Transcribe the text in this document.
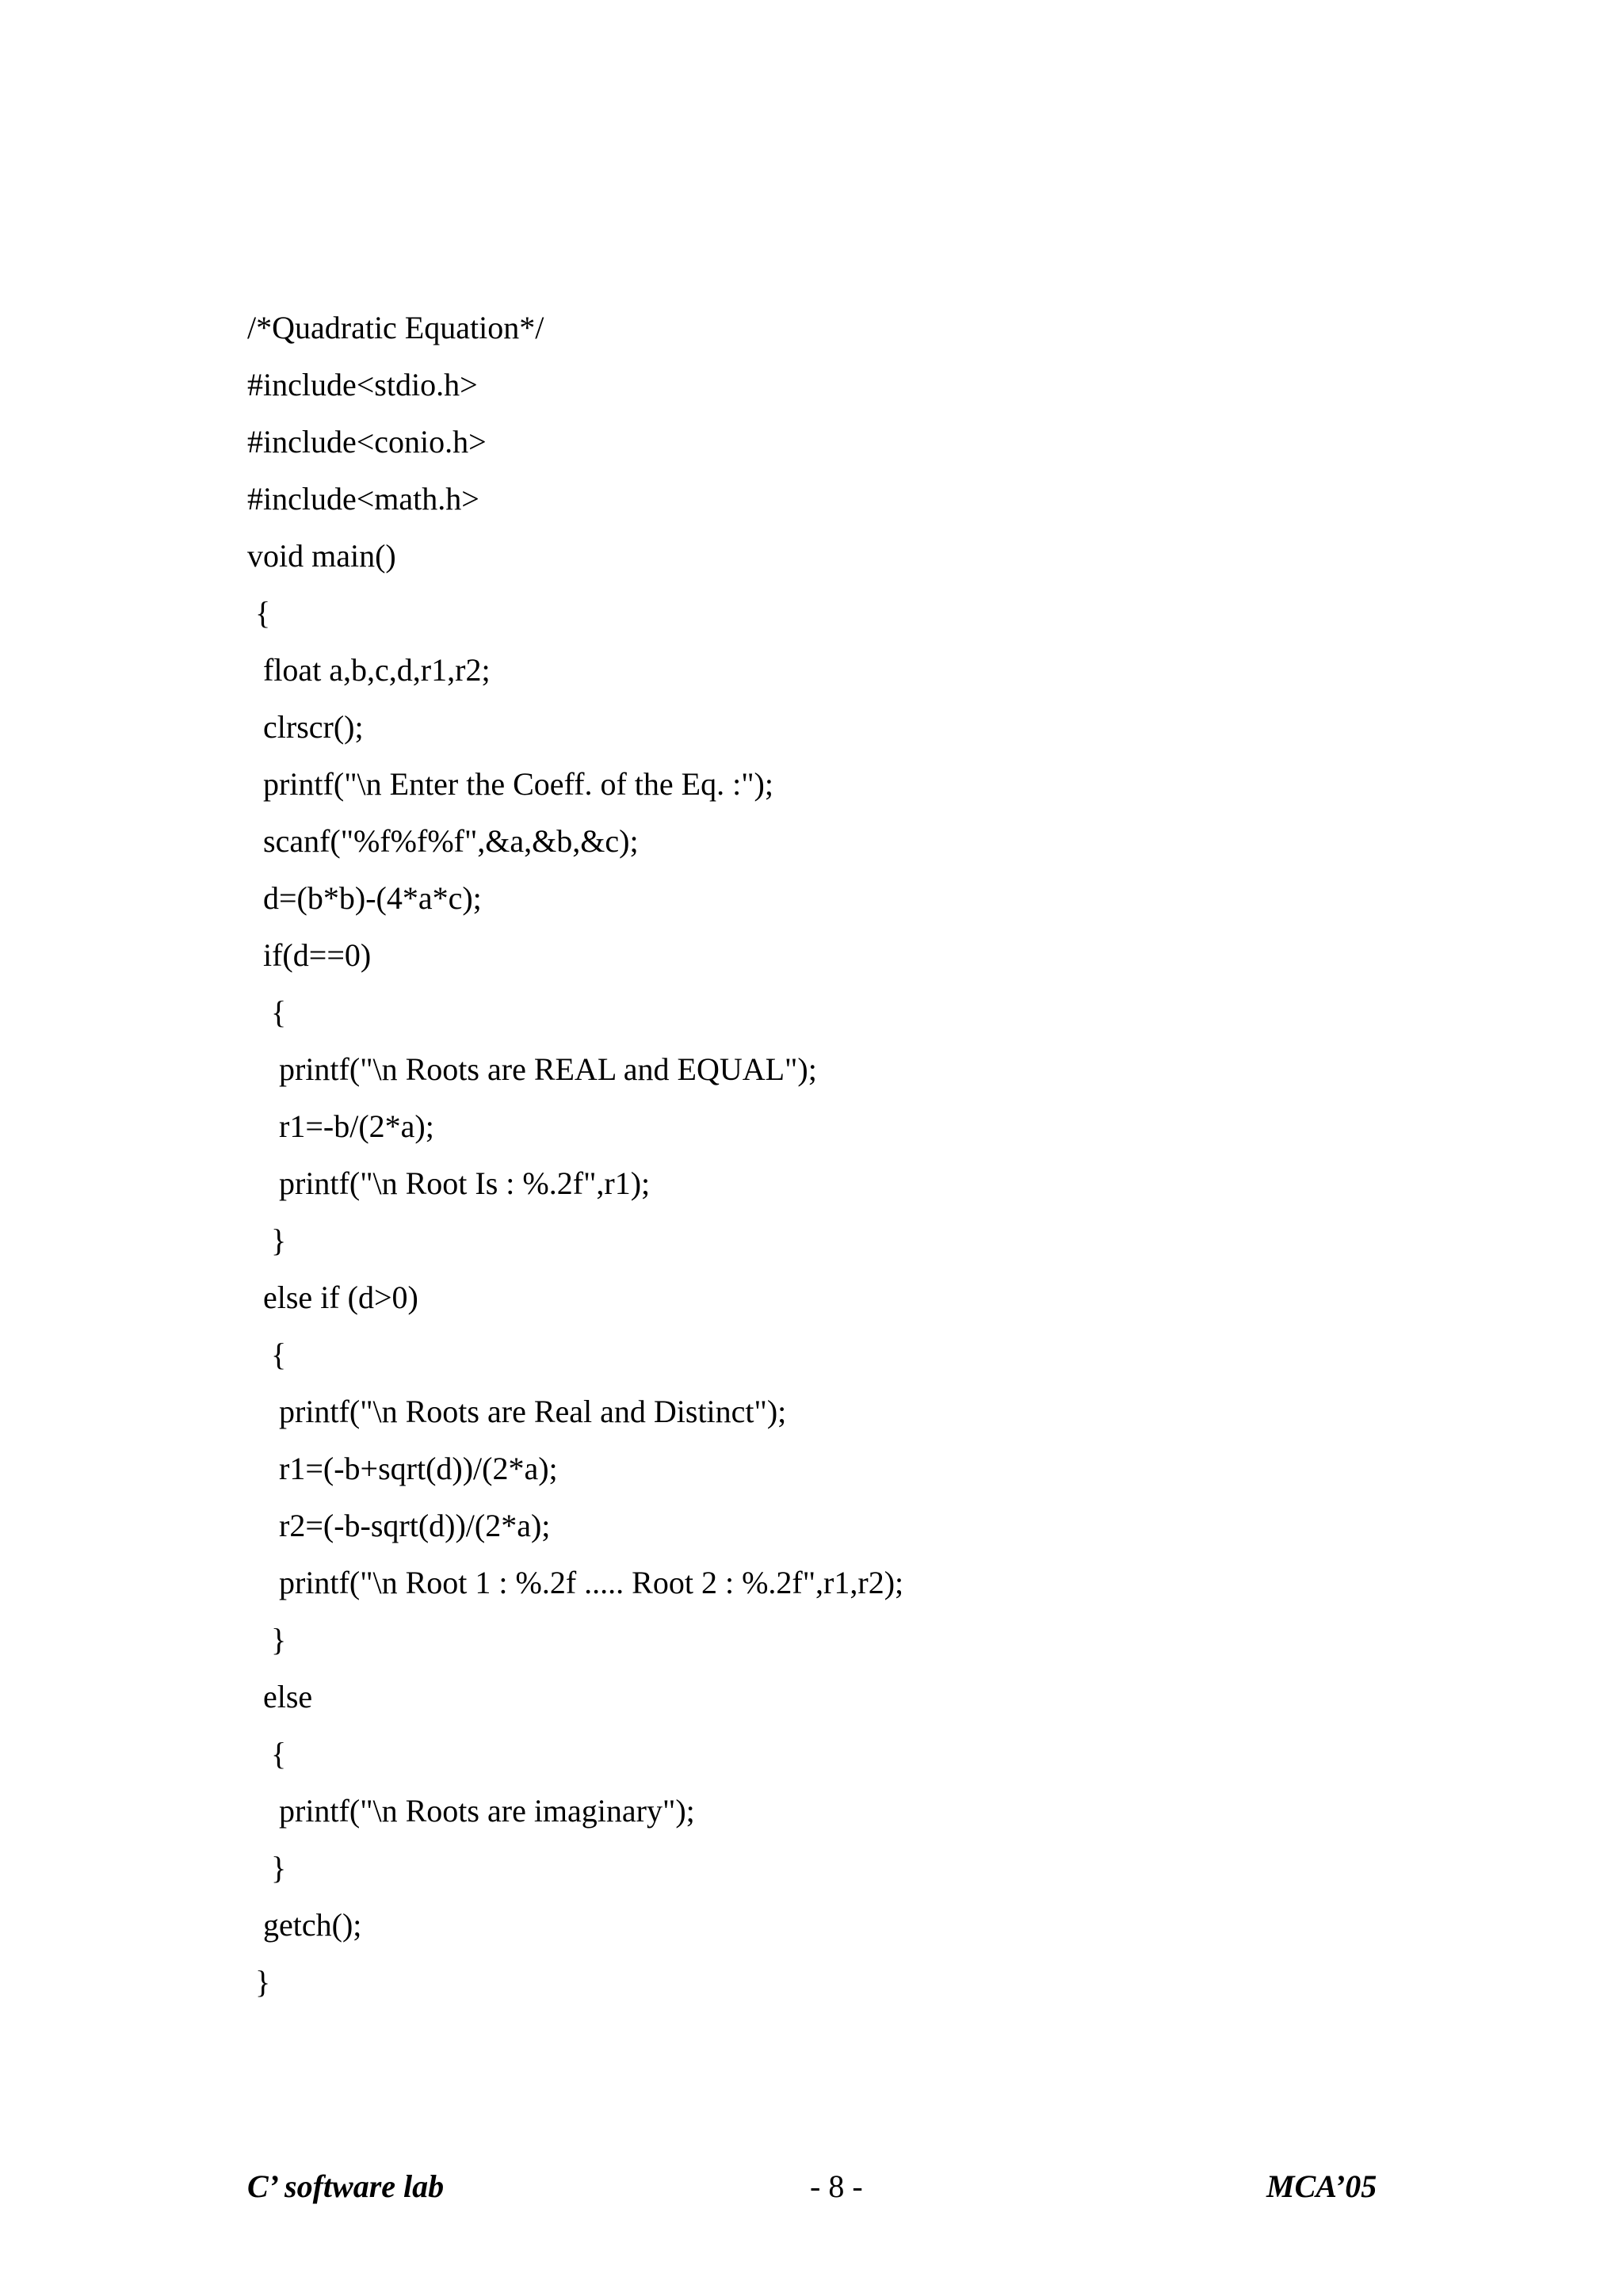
/*Quadratic Equation*/
#include<stdio.h>
#include<conio.h>
#include<math.h>
void main()
{
float a,b,c,d,r1,r2;
clrscr();
printf("\n Enter the Coeff. of the Eq. :");
scanf("%f%f%f",&a,&b,&c);
d=(b*b)-(4*a*c);
if(d==0)
{
printf("\n Roots are REAL and EQUAL");
r1=-b/(2*a);
printf("\n Root Is : %.2f",r1);
}
else if (d>0)
{
printf("\n Roots are Real and Distinct");
r1=(-b+sqrt(d))/(2*a);
r2=(-b-sqrt(d))/(2*a);
printf("\n Root 1 : %.2f ..... Root 2 : %.2f",r1,r2);
}
else
{
printf("\n Roots are imaginary");
}
getch();
}
C’ software lab	- 8 -	MCA’05
